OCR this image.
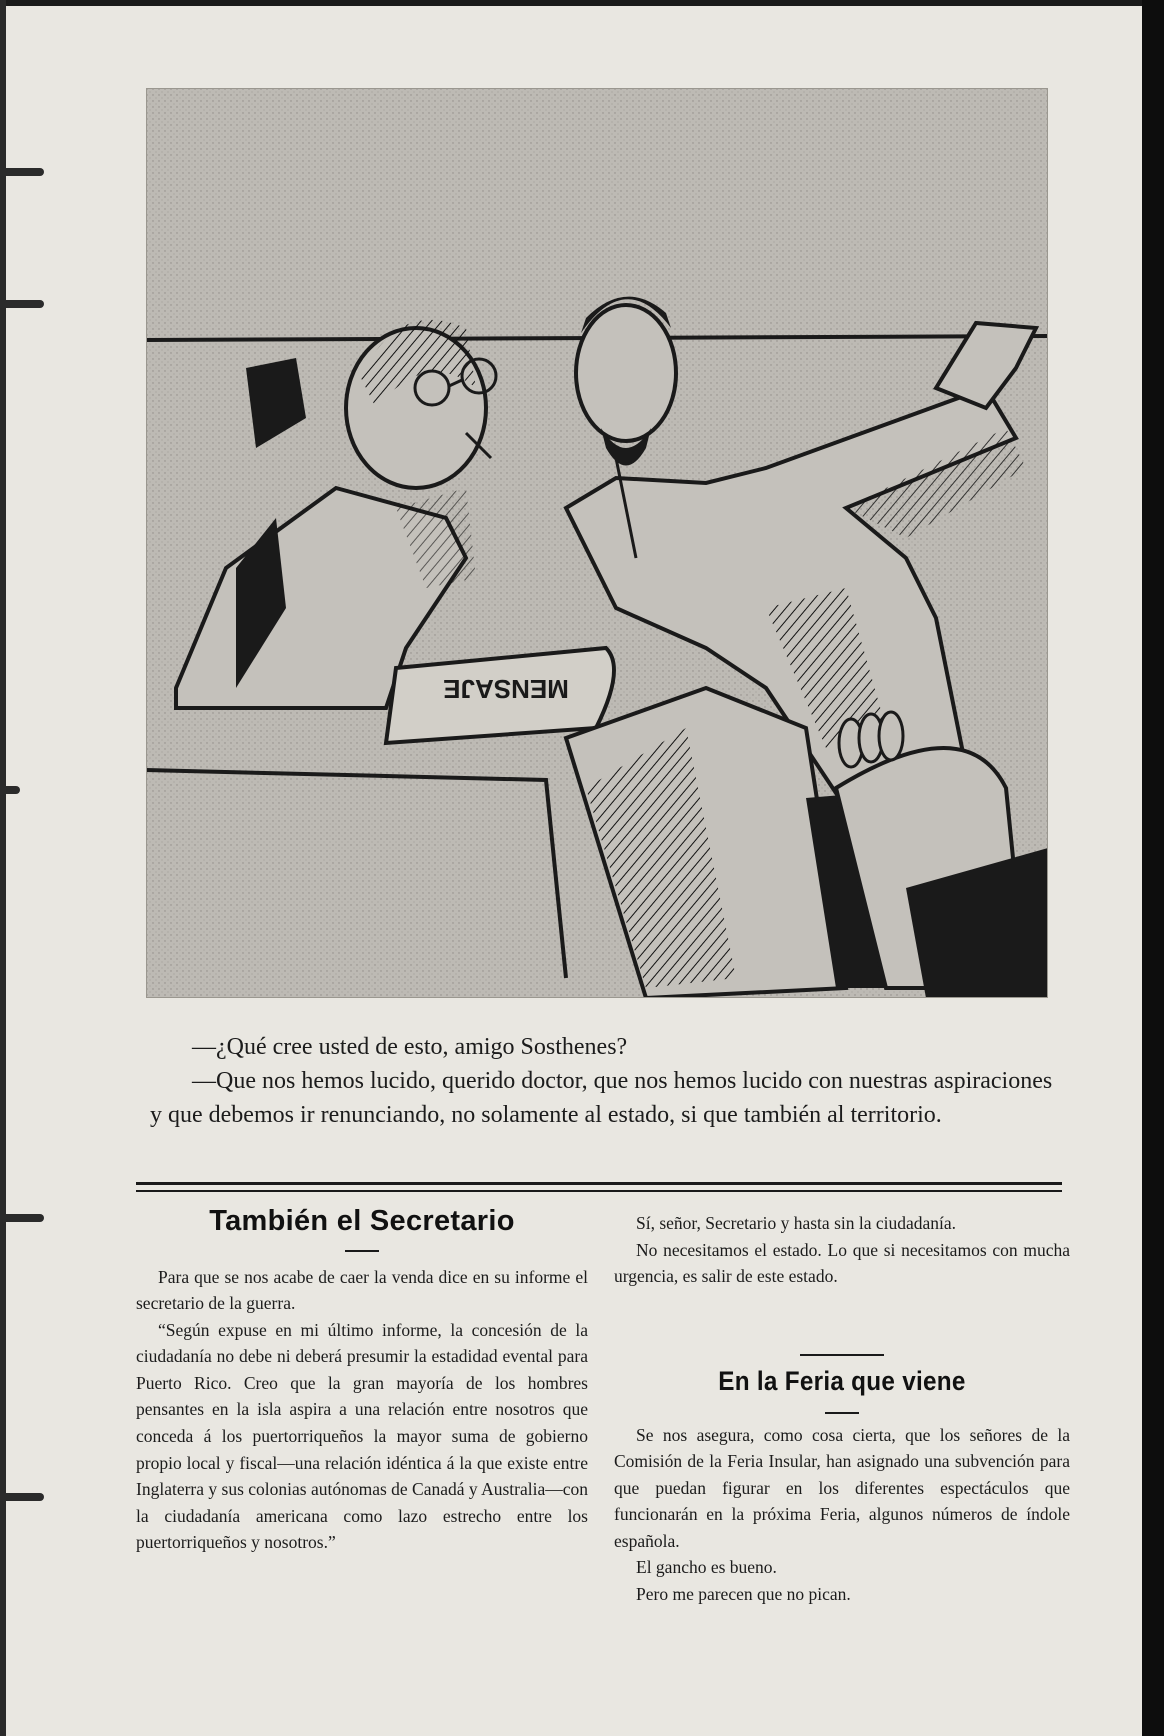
MENSAJE

—¿Qué cree usted de esto, amigo Sosthenes?

—Que nos hemos lucido, querido doctor, que nos hemos lucido con nuestras aspiraciones y que debemos ir renunciando, no solamente al estado, si que también al territorio.

También el Secretario

Para que se nos acabe de caer la venda dice en su informe el secretario de la guerra.

“Según expuse en mi último informe, la concesión de la ciudadanía no debe ni deberá presumir la estadidad evental para Puerto Rico. Creo que la gran mayoría de los hombres pensantes en la isla aspira a una relación entre nosotros que conceda á los puertorriqueños la mayor suma de gobierno propio local y fiscal—una relación idéntica á la que existe entre Inglaterra y sus colonias autónomas de Canadá y Australia—con la ciudadanía americana como lazo estrecho entre los puertorriqueños y nosotros.”

Sí, señor, Secretario y hasta sin la ciudadanía.

No necesitamos el estado. Lo que si necesitamos con mucha urgencia, es salir de este estado.

En la Feria que viene

Se nos asegura, como cosa cierta, que los señores de la Comisión de la Feria Insular, han asignado una subvención para que puedan figurar en los diferentes espectáculos que funcionarán en la próxima Feria, algunos números de índole española.

El gancho es bueno.

Pero me parecen que no pican.
